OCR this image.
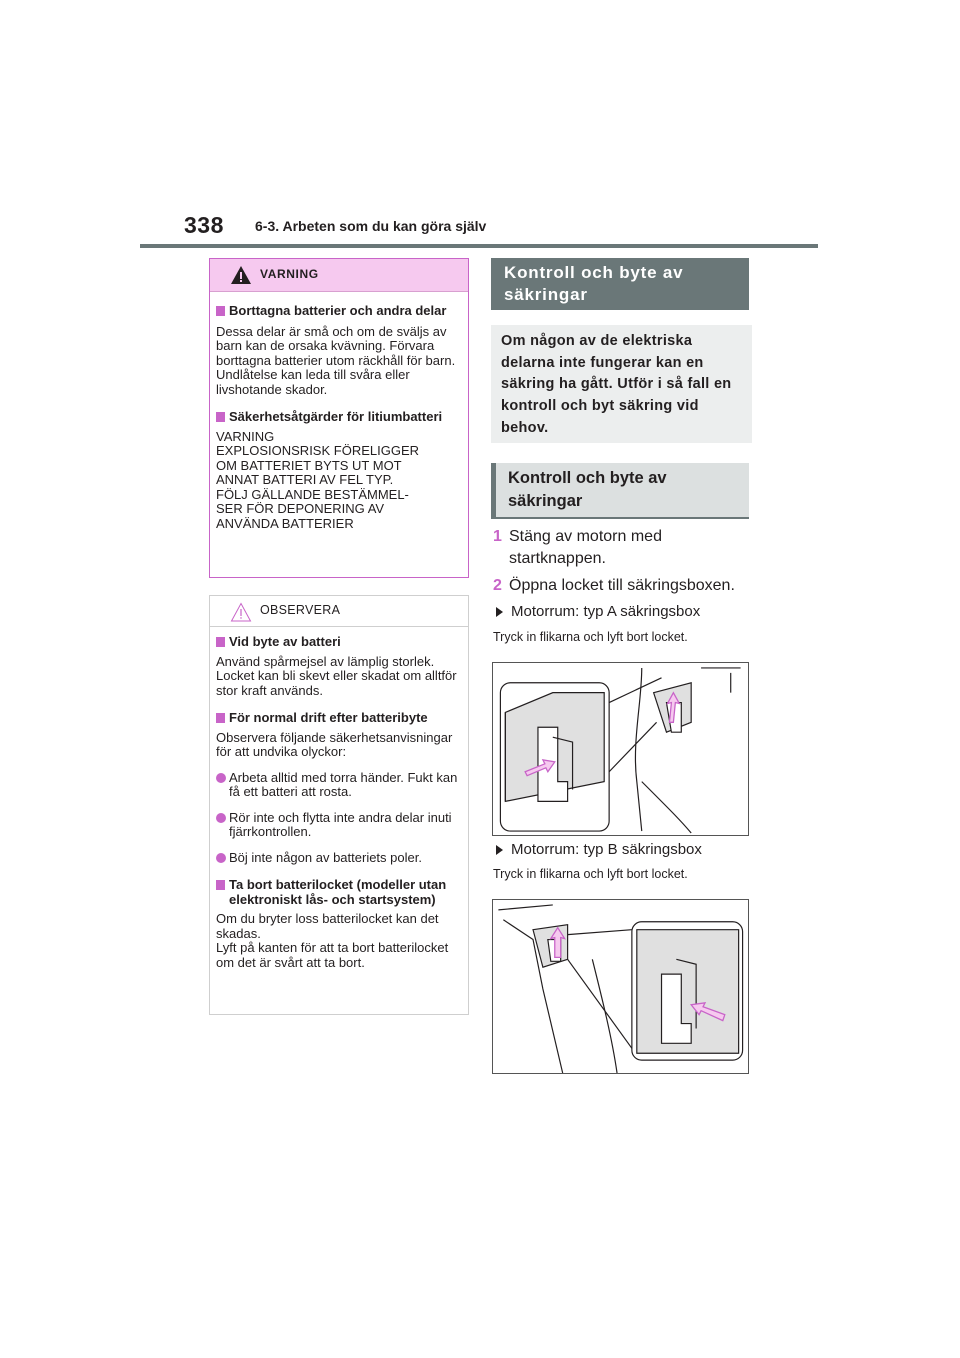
338 6-3. Arbeten som du kan göra själv
VARNING
Borttagna batterier och andra delar
Dessa delar är små och om de sväljs av barn kan de orsaka kvävning. Förvara borttagna batterier utom räckhåll för barn. Undlåtelse kan leda till svåra eller livshotande skador.
Säkerhetsåtgärder för litiumbatteri
VARNING
EXPLOSIONSRISK FÖRELIGGER
OM BATTERIET BYTS UT MOT
ANNAT BATTERI AV FEL TYP.
FÖLJ GÄLLANDE BESTÄMMEL-
SER FÖR DEPONERING AV
ANVÄNDA BATTERIER
OBSERVERA
Vid byte av batteri
Använd spårmejsel av lämplig storlek. Locket kan bli skevt eller skadat om alltför stor kraft används.
För normal drift efter batteribyte
Observera följande säkerhetsanvisningar för att undvika olyckor:
Arbeta alltid med torra händer. Fukt kan få ett batteri att rosta.
Rör inte och flytta inte andra delar inuti fjärrkontrollen.
Böj inte någon av batteriets poler.
Ta bort batterilocket (modeller utan elektroniskt lås- och startsystem)
Om du bryter loss batterilocket kan det skadas.
Lyft på kanten för att ta bort batterilocket om det är svårt att ta bort.
Kontroll och byte av säkringar
Om någon av de elektriska delarna inte fungerar kan en säkring ha gått. Utför i så fall en kontroll och byt säkring vid behov.
Kontroll och byte av säkringar
1 Stäng av motorn med startknappen.
2 Öppna locket till säkringsboxen.
Motorrum: typ A säkringsbox
Tryck in flikarna och lyft bort locket.
Motorrum: typ B säkringsbox
Tryck in flikarna och lyft bort locket.
